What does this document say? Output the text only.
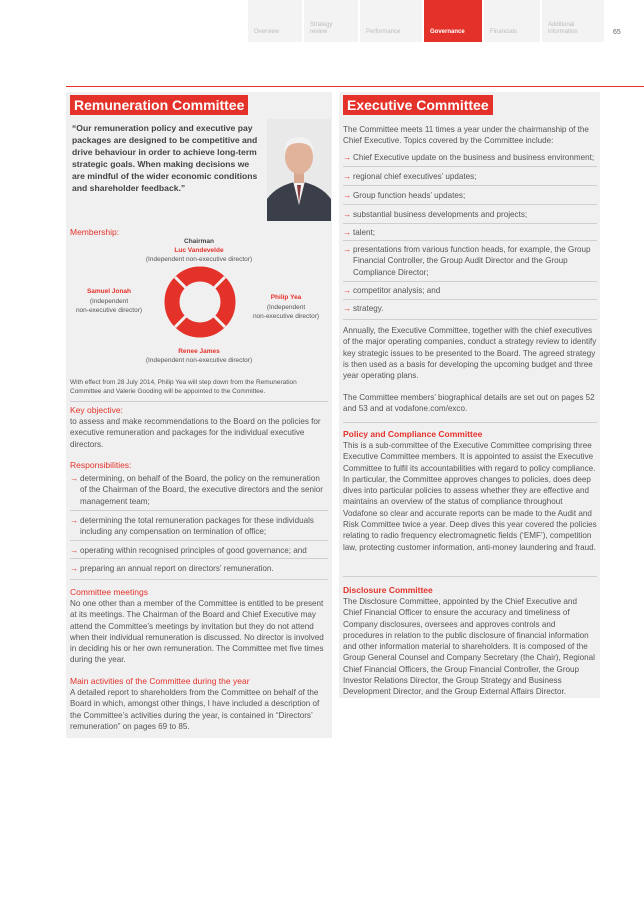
Overview
Strategy review	Performance	Governance	Financials
Additional information	65
Remuneration Committee
“Our remuneration policy and executive pay packages are designed to be competitive and drive behaviour in order to achieve long-term strategic goals. When making decisions we are mindful of the wider economic conditions and shareholder feedback.”
Membership:
Chairman
Luc Vandevelde
(Independent non-executive director)
Samuel Jonah
(Independent
non-executive director)
Philip Yea
(Independent
non-executive director)
Renee James
(Independent non-executive director)
With effect from 28 July 2014, Philip Yea will step down from the Remuneration Committee and Valerie Gooding will be appointed to the Committee.
Key objective:
to assess and make recommendations to the Board on the policies for executive remuneration and packages for the individual executive directors.
Responsibilities:
→ determining, on behalf of the Board, the policy on the remuneration of the Chairman of the Board, the executive directors and the senior management team;
→ determining the total remuneration packages for these individuals including any compensation on termination of office;
→ operating within recognised principles of good governance; and
→ preparing an annual report on directors’ remuneration.
Committee meetings
No one other than a member of the Committee is entitled to be present at its meetings. The Chairman of the Board and Chief Executive may attend the Committee’s meetings by invitation but they do not attend when their individual remuneration is discussed. No director is involved in deciding his or her own remuneration. The Committee met five times during the year.
Main activities of the Committee during the year
A detailed report to shareholders from the Committee on behalf of the Board in which, amongst other things, I have included a description of the Committee’s activities during the year, is contained in “Directors’ remuneration” on pages 69 to 85.
Executive Committee
The Committee meets 11 times a year under the chairmanship of the Chief Executive. Topics covered by the Committee include:
→ Chief Executive update on the business and business environment;
→ regional chief executives’ updates;
→ Group function heads’ updates;
→ substantial business developments and projects;
→ talent;
→ presentations from various function heads, for example, the Group Financial Controller, the Group Audit Director and the Group Compliance Director;
→ competitor analysis; and
→ strategy.
Annually, the Executive Committee, together with the chief executives of the major operating companies, conduct a strategy review to identify key strategic issues to be presented to the Board. The agreed strategy is then used as a basis for developing the upcoming budget and three year operating plans.
The Committee members’ biographical details are set out on pages 52 and 53 and at vodafone.com/exco.
Policy and Compliance Committee
This is a sub-committee of the Executive Committee comprising three Executive Committee members. It is appointed to assist the Executive Committee to fulfil its accountabilities with regard to policy compliance. In particular, the Committee approves changes to policies, does deep dives into particular policies to assess whether they are effective and maintains an overview of the status of compliance throughout Vodafone so clear and accurate reports can be made to the Audit and Risk Committee twice a year. Deep dives this year covered the policies relating to radio frequency electromagnetic fields (‘EMF’), competition law, protecting customer information, anti-money laundering and fraud.
Disclosure Committee
The Disclosure Committee, appointed by the Chief Executive and Chief Financial Officer to ensure the accuracy and timeliness of Company disclosures, oversees and approves controls and procedures in relation to the public disclosure of financial information and other information material to shareholders. It is composed of the Group General Counsel and Company Secretary (the Chair), Regional Chief Financial Officers, the Group Financial Controller, the Group Investor Relations Director, the Group Strategy and Business Development Director, and the Group External Affairs Director.
